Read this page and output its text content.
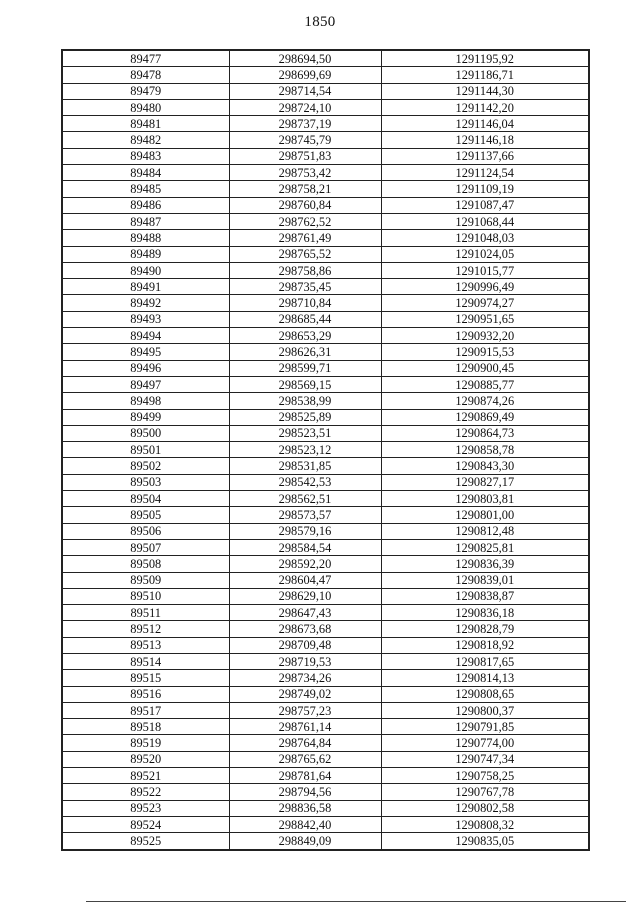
1850
89477	298694,50	1291195,92
89478	298699,69	1291186,71
89479	298714,54	1291144,30
89480	298724,10	1291142,20
89481	298737,19	1291146,04
89482	298745,79	1291146,18
89483	298751,83	1291137,66
89484	298753,42	1291124,54
89485	298758,21	1291109,19
89486	298760,84	1291087,47
89487	298762,52	1291068,44
89488	298761,49	1291048,03
89489	298765,52	1291024,05
89490	298758,86	1291015,77
89491	298735,45	1290996,49
89492	298710,84	1290974,27
89493	298685,44	1290951,65
89494	298653,29	1290932,20
89495	298626,31	1290915,53
89496	298599,71	1290900,45
89497	298569,15	1290885,77
89498	298538,99	1290874,26
89499	298525,89	1290869,49
89500	298523,51	1290864,73
89501	298523,12	1290858,78
89502	298531,85	1290843,30
89503	298542,53	1290827,17
89504	298562,51	1290803,81
89505	298573,57	1290801,00
89506	298579,16	1290812,48
89507	298584,54	1290825,81
89508	298592,20	1290836,39
89509	298604,47	1290839,01
89510	298629,10	1290838,87
89511	298647,43	1290836,18
89512	298673,68	1290828,79
89513	298709,48	1290818,92
89514	298719,53	1290817,65
89515	298734,26	1290814,13
89516	298749,02	1290808,65
89517	298757,23	1290800,37
89518	298761,14	1290791,85
89519	298764,84	1290774,00
89520	298765,62	1290747,34
89521	298781,64	1290758,25
89522	298794,56	1290767,78
89523	298836,58	1290802,58
89524	298842,40	1290808,32
89525	298849,09	1290835,05
